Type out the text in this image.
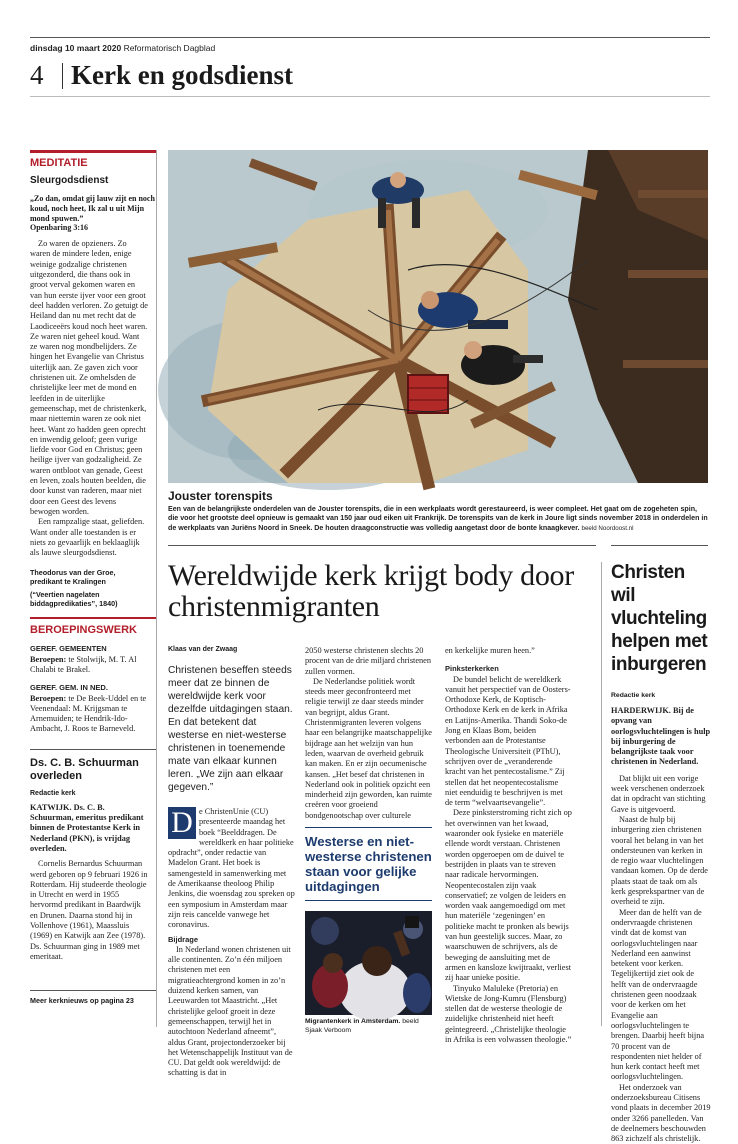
dinsdag 10 maart 2020 Reformatorisch Dagblad
4 Kerk en godsdienst
MEDITATIE
Sleurgodsdienst
„Zo dan, omdat gij lauw zijt en noch koud, noch heet, Ik zal u uit Mijn mond spuwen.”
Openbaring 3:16

Zo waren de opzieners. Zo waren de mindere leden, enige weinige godzalige christenen uitgezonderd, die thans ook in groot verval gekomen waren en van hun eerste ijver voor een groot deel hadden verloren. Zo getuigt de Heiland dan nu met recht dat de Laodiceeërs koud noch heet waren. Ze waren niet geheel koud. Want ze waren nog mondbelijders. Ze hingen het Evangelie van Christus uiterlijk aan. Ze gaven zich voor christenen uit. Ze omhelsden de christelijke leer met de mond en leefden in de uiterlijke gemeenschap, met de christenkerk, maar niettemin waren ze ook niet heet. Want zo hadden geen oprecht en inwendig geloof; geen vurige liefde voor God en Christus; geen heilige ijver van godzaligheid. Ze waren ontbloot van genade, Geest en leven, zoals houten beelden, die door kunst van raderen, maar niet door een Geest des levens bewogen worden.

Een rampzalige staat, geliefden. Want onder alle toestanden is er niets zo gevaarlijk en beklaaglijk als lauwe sleurgodsdienst.

Theodorus van der Groe,
predikant te Kralingen
(“Veertien nagelaten biddagpredikaties”, 1840)
BEROEPINGSWERK
GEREF. GEMEENTEN
Beroepen: te Stolwijk, M. T. Al Chalabi te Brakel.
GEREF. GEM. IN NED.
Beroepen: te De Beek-Uddel en te Veenendaal: M. Krijgsman te Arnemuiden; te Hendrik-Ido-Ambacht, J. Roos te Barneveld.
Ds. C. B. Schuurman overleden
Redactie kerk
KATWIJK. Ds. C. B. Schuurman, emeritus predikant binnen de Protestantse Kerk in Nederland (PKN), is vrijdag overleden.

Cornelis Bernardus Schuurman werd geboren op 9 februari 1926 in Rotterdam. Hij studeerde theologie in Utrecht en werd in 1955 hervormd predikant in Baardwijk en Drunen. Daarna stond hij in Vollenhove (1961), Maassluis (1969) en Katwijk aan Zee (1978). Ds. Schuurman ging in 1989 met emeritaat.

Meer kerknieuws op pagina 23
Jouster torenspits
Een van de belangrijkste onderdelen van de Jouster torenspits, die in een werkplaats wordt gerestaureerd, is weer compleet. Het gaat om de zogeheten spin, die voor het grootste deel opnieuw is gemaakt van 150 jaar oud eiken uit Frankrijk. De torenspits van de kerk in Joure ligt sinds november 2018 in onderdelen in de werkplaats van Juriëns Noord in Sneek. De houten draagconstructie was volledig aangetast door de bonte knaagkever. beeld Noordoost.nl
Wereldwijde kerk krijgt body door christenmigranten
Klaas van der Zwaag
Christenen beseffen steeds meer dat ze binnen de wereldwijde kerk voor dezelfde uitdagingen staan. En dat betekent dat westerse en niet-westerse christenen in toenemende mate van elkaar kunnen leren. „We zijn aan elkaar gegeven.”
D e ChristenUnie (CU) presenteerde maandag het boek “Beelddragen. De wereldkerk en haar politieke opdracht”, onder redactie van Madelon Grant. Het boek is samengesteld in samenwerking met de Amerikaanse theoloog Philip Jenkins, die woensdag zou spreken op een symposium in Amsterdam maar zijn reis cancelde vanwege het coronavirus.
Bijdrage

In Nederland wonen christenen uit alle continenten. Zo’n één miljoen christenen met een migratieachtergrond komen in zo’n duizend kerken samen, van Leeuwarden tot Maastricht. „Het christelijke geloof groeit in deze gemeenschappen, terwijl het in autochtoon Nederland afneemt”, aldus Grant, projectonderzoeker bij het Wetenschappelijk Instituut van de CU. Dat geldt ook wereldwijd: de schatting is dat in

2050 westerse christenen slechts 20 procent van de drie miljard christenen zullen vormen.

De Nederlandse politiek wordt steeds meer geconfronteerd met religie terwijl ze daar steeds minder van begrijpt, aldus Grant. Christenmigranten leveren volgens haar een belangrijke maatschappelijke bijdrage aan het welzijn van hun leden, waarvan de overheid gebruik kan maken. En er zijn oecumenische kansen. „Het besef dat christenen in Nederland ook in politiek opzicht een minderheid zijn geworden, kan ruimte creëren voor groeiend bondgenootschap over culturele

Westerse en niet-westerse christenen staan voor gelijke uitdagingen
Migrantenkerk in Amsterdam. beeld
Sjaak Verboom
en kerkelijke muren heen.”
Pinksterkerken

De bundel belicht de wereldkerk vanuit het perspectief van de Oosters-Orthodoxe Kerk, de Koptisch-Orthodoxe Kerk en de kerk in Afrika en Latijns-Amerika. Thandi Soko-de Jong en Klaas Bom, beiden verbonden aan de Protestantse Theologische Universiteit (PThU), schrijven over de „veranderende kracht van het pentecostalisme.” Zij stellen dat het neopentecostalisme niet eenduidig te beschrijven is met de term “welvaartsevangelie”.

Deze pinksterstroming richt zich op het overwinnen van het kwaad, waaronder ook fysieke en materiële ellende wordt verstaan. Christenen worden opgeroepen om de duivel te bestrijden in plaats van te streven naar radicale hervormingen. Neopentecostalen zijn vaak conservatief; ze volgen de leiders en worden vaak aangemoedigd om met hun materiële ‘zegeningen’ en politieke macht te pronken als bewijs van hun geestelijk succes. Maar, zo waarschuwen de schrijvers, als de beweging de aansluiting met de armen en kansloze kwijtraakt, verliest zij haar unieke positie.

Tinyuko Maluleke (Pretoria) en Wietske de Jong-Kumru (Flensburg) stellen dat de westerse theologie de zuidelijke christenheid niet heeft geïntegreerd. „Christelijke theologie in Afrika is een volwassen theologie.”

Christen wil vluchteling helpen met inburgeren
Redactie kerk
HARDERWIJK. Bij de opvang van oorlogsvluchtelingen is hulp bij inburgering de belangrijkste taak voor christenen in Nederland.

Dat blijkt uit een vorige week verschenen onderzoek dat in opdracht van stichting Gave is uitgevoerd.

Naast de hulp bij inburgering zien christenen vooral het belang in van het ondersteunen van kerken in de regio waar vluchtelingen vandaan komen. Op de derde plaats staat de taak om als kerk gesprekspartner van de overheid te zijn.

Meer dan de helft van de ondervraagde christenen vindt dat de komst van oorlogsvluchtelingen naar Nederland een aanwinst betekent voor kerken. Tegelijkertijd ziet ook de helft van de ondervraagde christenen geen noodzaak voor de kerken om het Evangelie aan oorlogsvluchtelingen te brengen. Daarbij heeft bijna 70 procent van de respondenten niet helder of hun kerk contact heeft met oorlogsvluchtelingen.

Het onderzoek van onderzoeksbureau Citisens vond plaats in december 2019 onder 3266 panelleden. Van de deelnemers beschouwden 863 zichzelf als christelijk.
